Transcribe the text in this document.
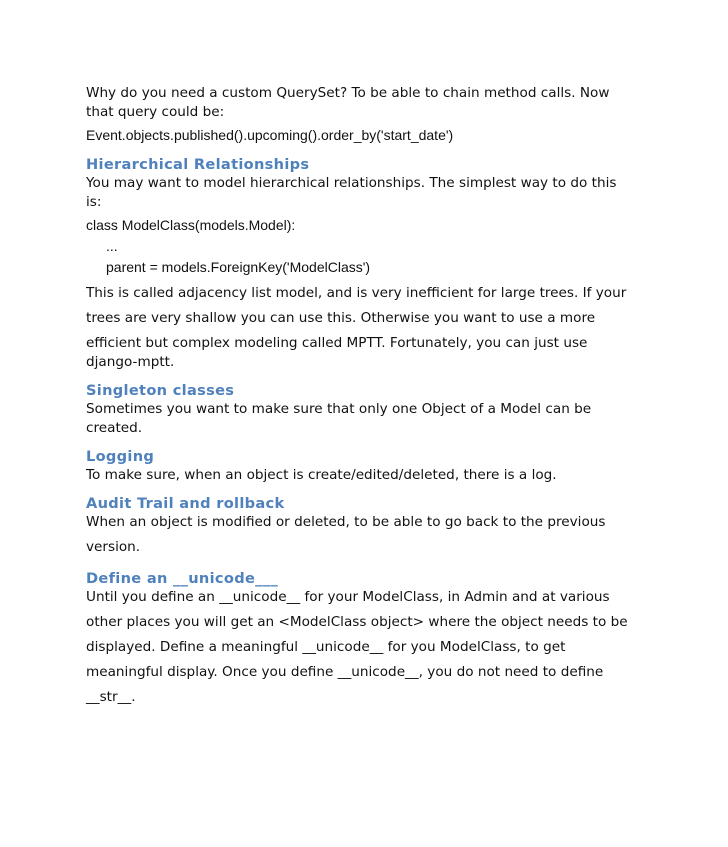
Why do you need a custom QuerySet? To be able to chain method calls. Now
that query could be:
Event.objects.published().upcoming().order_by('start_date')
Hierarchical Relationships
You may want to model hierarchical relationships. The simplest way to do this
is:
class ModelClass(models.Model):
...
parent = models.ForeignKey('ModelClass')
This is called adjacency list model, and is very inefficient for large trees. If your
trees are very shallow you can use this. Otherwise you want to use a more
efficient but complex modeling called MPTT. Fortunately, you can just use
django-mptt.
Singleton classes
Sometimes you want to make sure that only one Object of a Model can be
created.
Logging
To make sure, when an object is create/edited/deleted, there is a log.
Audit Trail and rollback
When an object is modified or deleted, to be able to go back to the previous
version.
Define an __unicode___
Until you define an __unicode__ for your ModelClass, in Admin and at various
other places you will get an <ModelClass object> where the object needs to be
displayed. Define a meaningful __unicode__ for you ModelClass, to get
meaningful display. Once you define __unicode__, you do not need to define
__str__.
